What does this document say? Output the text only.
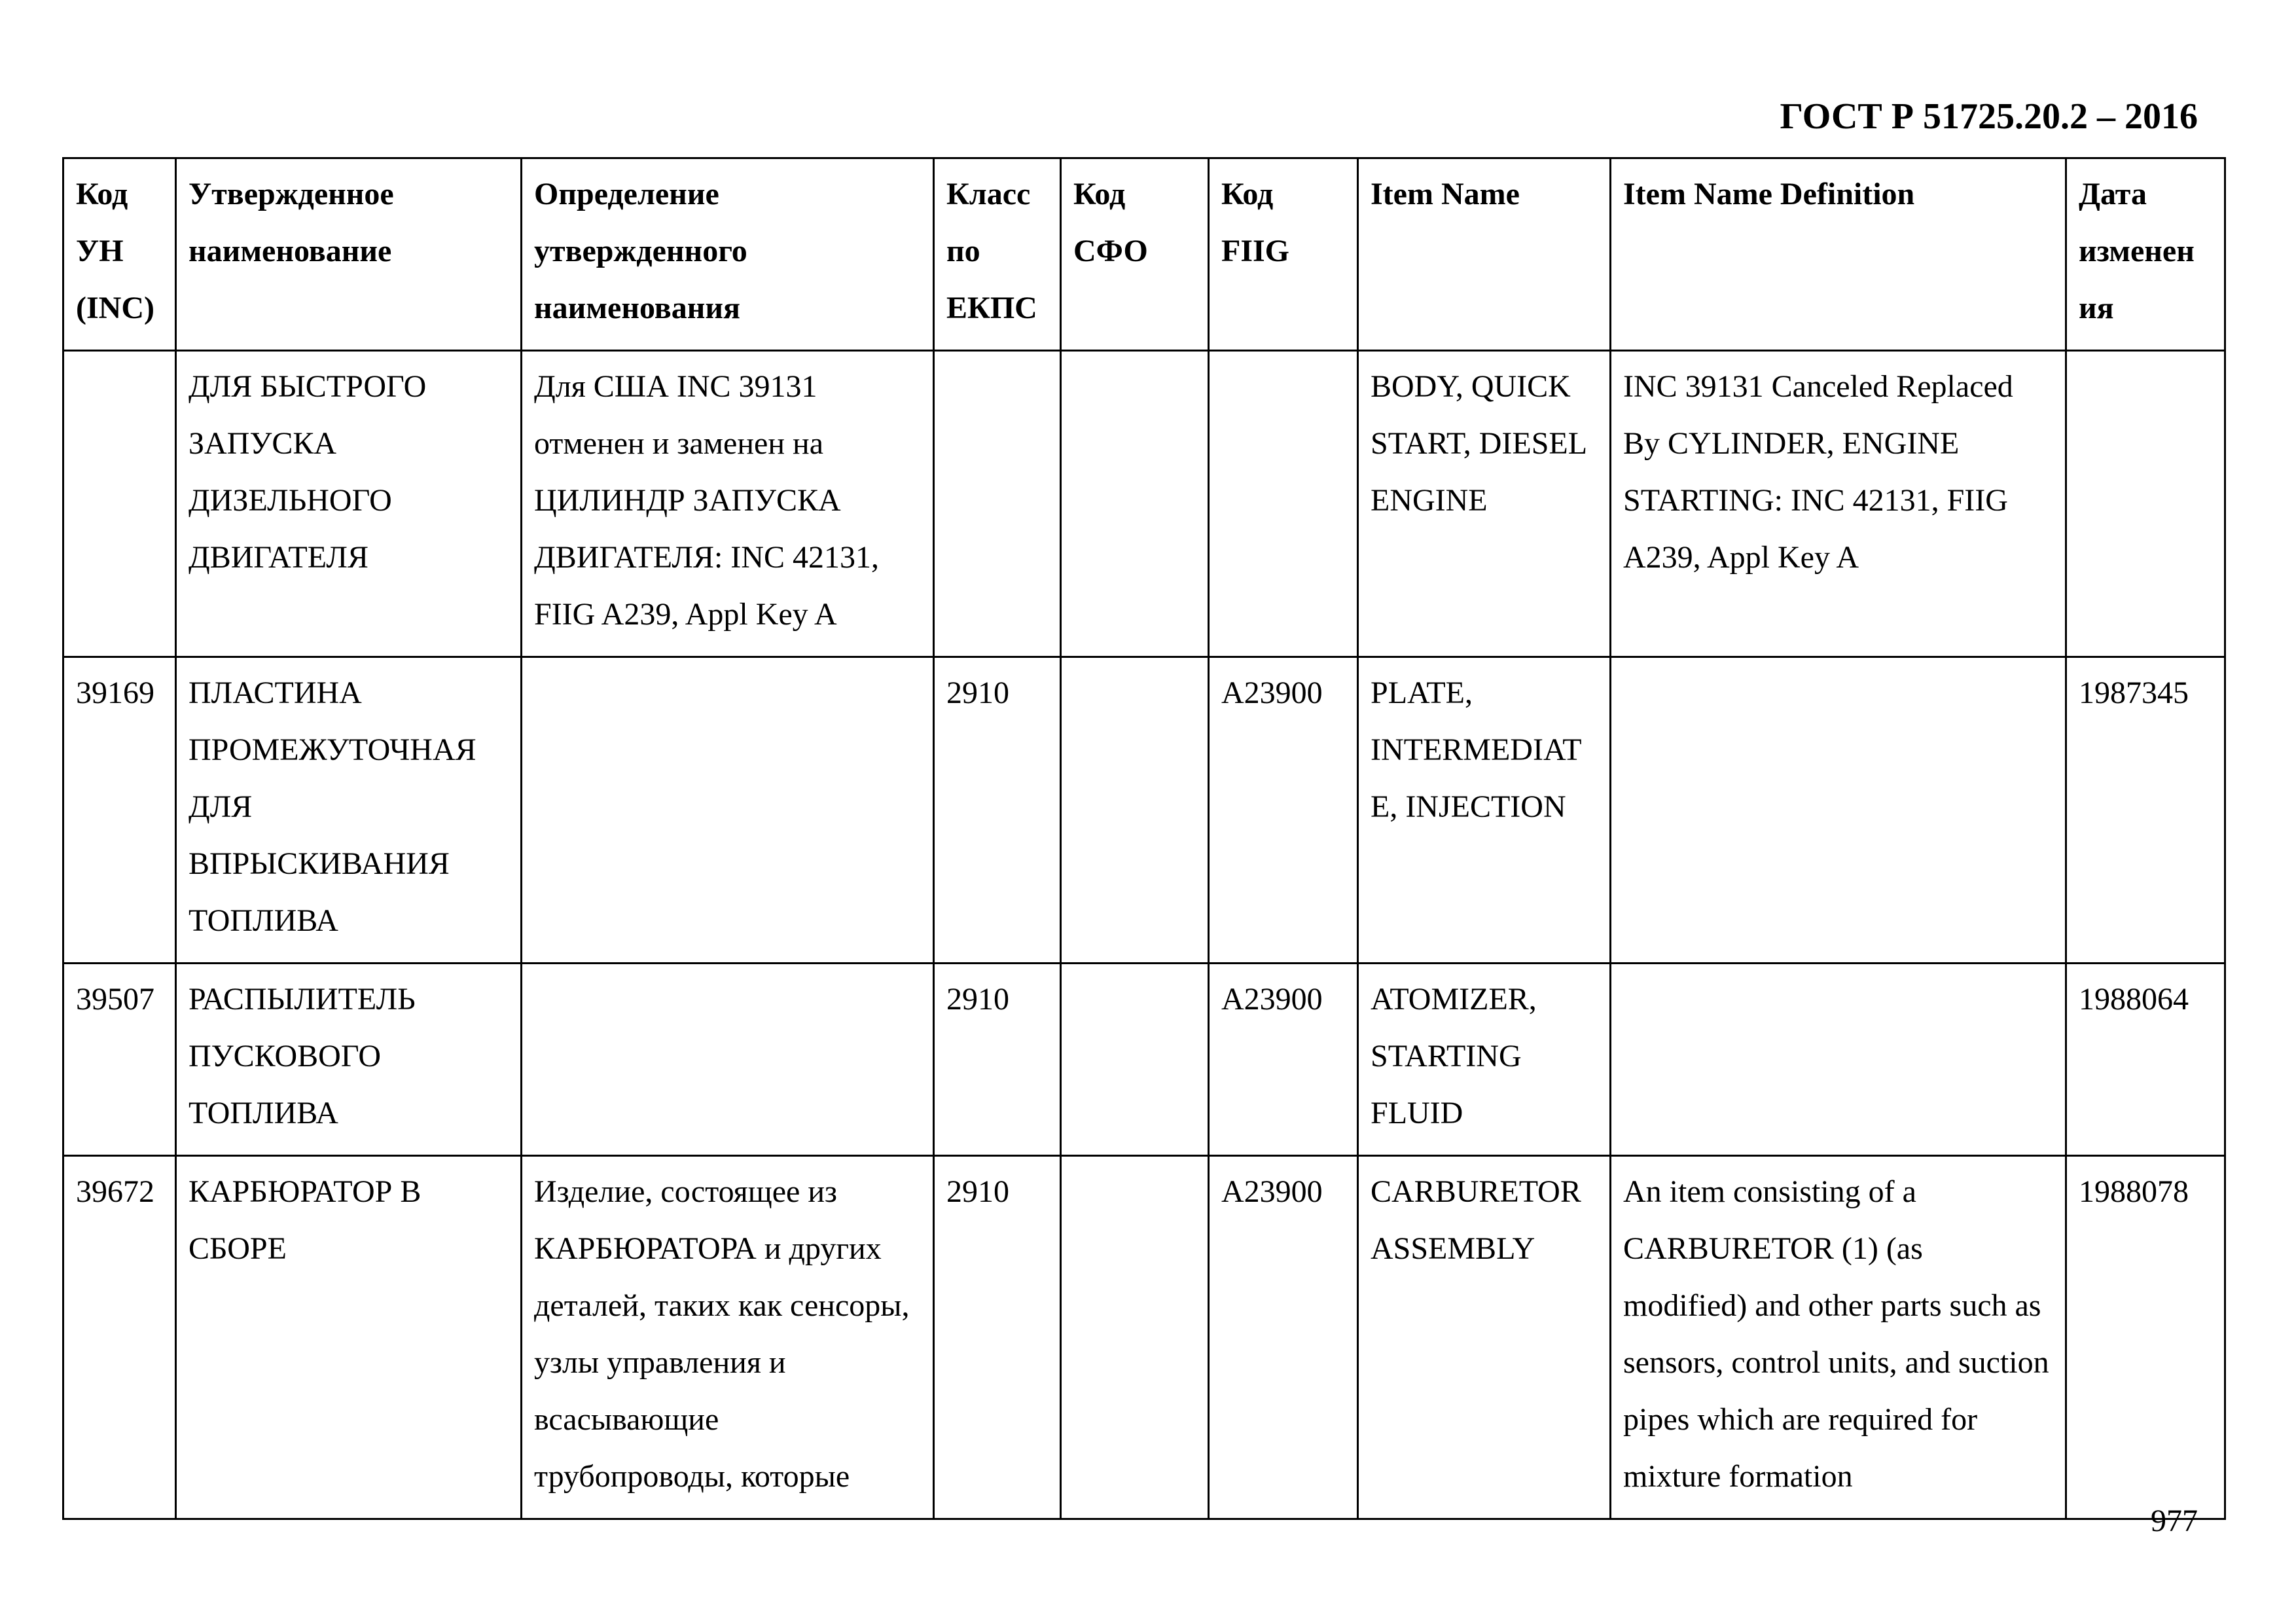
ГОСТ Р 51725.20.2 – 2016
Код УН (INC)	Утвержденное наименование	Определение утвержденного наименования	Класс по ЕКПС	Код СФО	Код FIIG	Item Name	Item Name Definition	Дата изменения
	ДЛЯ БЫСТРОГО ЗАПУСКА ДИЗЕЛЬНОГО ДВИГАТЕЛЯ	Для США INC 39131 отменен и заменен на ЦИЛИНДР ЗАПУСКА ДВИГАТЕЛЯ: INC 42131, FIIG A239, Appl Key A				BODY, QUICK START, DIESEL ENGINE	INC 39131 Canceled Replaced By CYLINDER, ENGINE STARTING: INC 42131, FIIG A239, Appl Key A	
39169	ПЛАСТИНА ПРОМЕЖУТОЧНАЯ ДЛЯ ВПРЫСКИВАНИЯ ТОПЛИВА		2910		A23900	PLATE, INTERMEDIATE, INJECTION		1987345
39507	РАСПЫЛИТЕЛЬ ПУСКОВОГО ТОПЛИВА		2910		A23900	ATOMIZER, STARTING FLUID		1988064
39672	КАРБЮРАТОР В СБОРЕ	Изделие, состоящее из КАРБЮРАТОРА и других деталей, таких как сенсоры, узлы управления и всасывающие трубопроводы, которые	2910		A23900	CARBURETOR ASSEMBLY	An item consisting of a CARBURETOR (1) (as modified) and other parts such as sensors, control units, and suction pipes which are required for mixture formation	1988078
977
